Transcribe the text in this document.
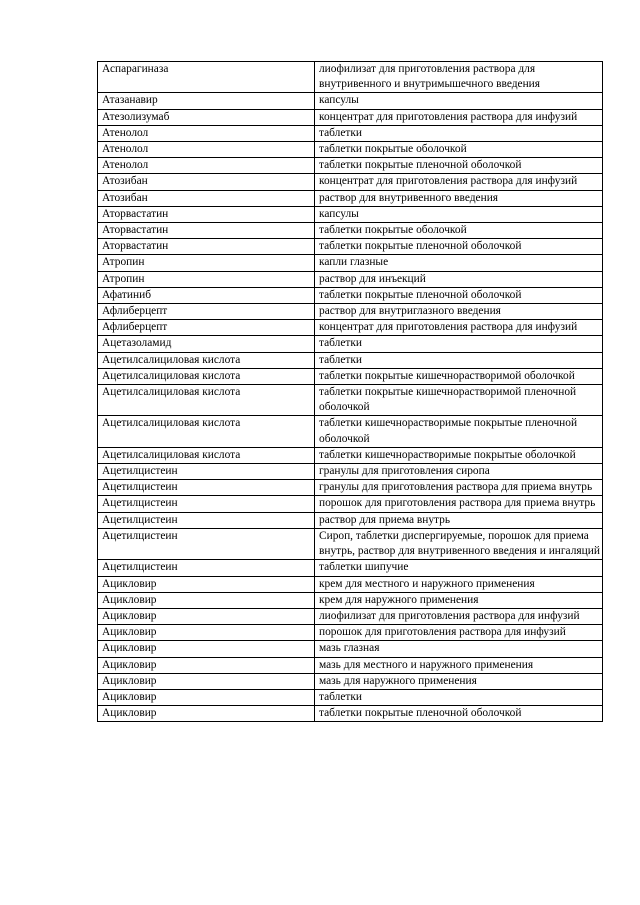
Аспарагиназа	лиофилизат для приготовления раствора для внутривенного и внутримышечного введения
Атазанавир	капсулы
Атезолизумаб	концентрат для приготовления раствора для инфузий
Атенолол	таблетки
Атенолол	таблетки покрытые оболочкой
Атенолол	таблетки покрытые пленочной оболочкой
Атозибан	концентрат для приготовления раствора для инфузий
Атозибан	раствор для внутривенного введения
Аторвастатин	капсулы
Аторвастатин	таблетки покрытые оболочкой
Аторвастатин	таблетки покрытые пленочной оболочкой
Атропин	капли глазные
Атропин	раствор для инъекций
Афатиниб	таблетки покрытые пленочной оболочкой
Афлиберцепт	раствор для внутриглазного введения
Афлиберцепт	концентрат для приготовления раствора для инфузий
Ацетазоламид	таблетки
Ацетилсалициловая кислота	таблетки
Ацетилсалициловая кислота	таблетки покрытые кишечнорастворимой оболочкой
Ацетилсалициловая кислота	таблетки покрытые кишечнорастворимой пленочной оболочкой
Ацетилсалициловая кислота	таблетки кишечнорастворимые покрытые пленочной оболочкой
Ацетилсалициловая кислота	таблетки кишечнорастворимые покрытые оболочкой
Ацетилцистеин	гранулы для приготовления сиропа
Ацетилцистеин	гранулы для приготовления раствора для приема внутрь
Ацетилцистеин	порошок для приготовления раствора для приема внутрь
Ацетилцистеин	раствор для приема внутрь
Ацетилцистеин	Сироп, таблетки диспергируемые, порошок для приема внутрь, раствор для внутривенного введения и ингаляций
Ацетилцистеин	таблетки шипучие
Ацикловир	крем для местного и наружного применения
Ацикловир	крем для наружного применения
Ацикловир	лиофилизат для приготовления раствора для инфузий
Ацикловир	порошок для приготовления раствора для инфузий
Ацикловир	мазь глазная
Ацикловир	мазь для местного и наружного применения
Ацикловир	мазь для наружного применения
Ацикловир	таблетки
Ацикловир	таблетки покрытые пленочной оболочкой
